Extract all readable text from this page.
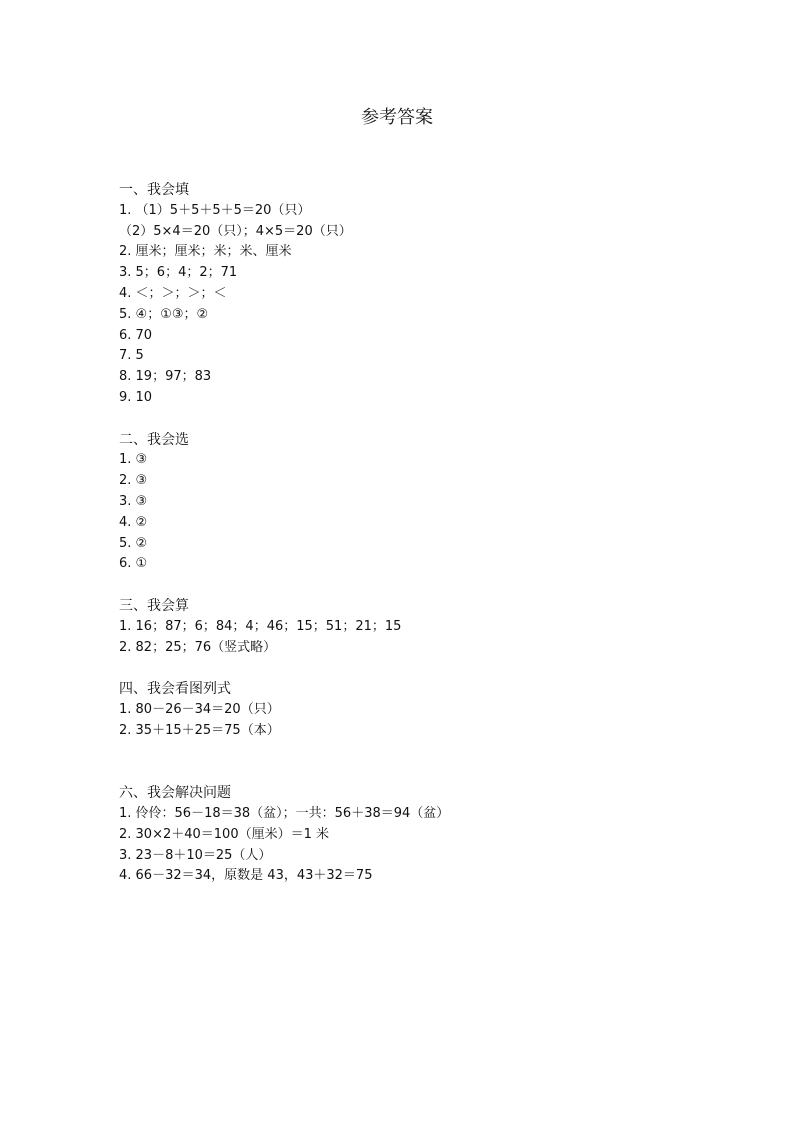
参考答案
一、我会填
1. （1）5＋5＋5＋5＝20（只）
（2）5×4＝20（只）；4×5＝20（只）
2. 厘米；厘米；米；米、厘米
3. 5；6；4；2；71
4. ＜；＞；＞；＜
5. ④；①③；②
6. 70
7. 5
8. 19；97；83
9. 10
二、我会选
1. ③
2. ③
3. ③
4. ②
5. ②
6. ①
三、我会算
1. 16；87；6；84；4；46；15；51；21；15
2. 82；25；76（竖式略）
四、我会看图列式
1. 80－26－34＝20（只）
2. 35＋15＋25＝75（本）
六、我会解决问题
1. 伶伶：56－18＝38（盆）；一共：56＋38＝94（盆）
2. 30×2＋40＝100（厘米）＝1 米
3. 23－8＋10＝25（人）
4. 66－32＝34，原数是 43，43＋32＝75
